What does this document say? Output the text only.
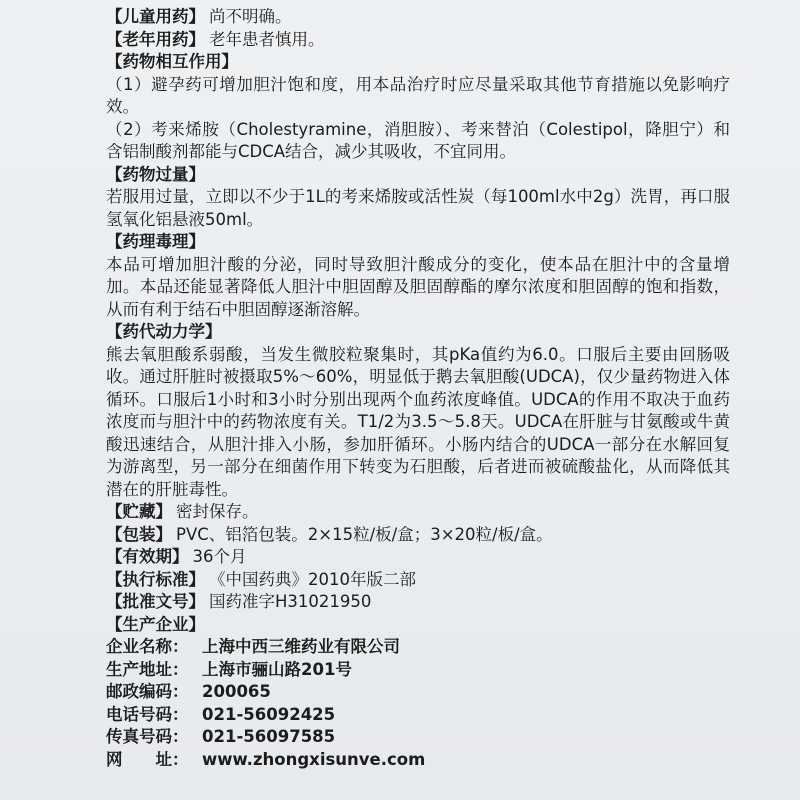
【儿童用药】 尚不明确。
【老年用药】 老年患者慎用。
【药物相互作用】
（1）避孕药可增加胆汁饱和度，用本品治疗时应尽量采取其他节育措施以免影响疗效。
（2）考来烯胺（Cholestyramine，消胆胺）、考来替泊（Colestipol，降胆宁）和含铝制酸剂都能与CDCA结合，减少其吸收，不宜同用。
【药物过量】
若服用过量，立即以不少于1L的考来烯胺或活性炭（每100ml水中2g）洗胃，再口服氢氧化铝悬液50ml。
【药理毒理】
本品可增加胆汁酸的分泌，同时导致胆汁酸成分的变化，使本品在胆汁中的含量增加。本品还能显著降低人胆汁中胆固醇及胆固醇酯的摩尔浓度和胆固醇的饱和指数，从而有利于结石中胆固醇逐渐溶解。
【药代动力学】
熊去氧胆酸系弱酸，当发生微胶粒聚集时，其pKa值约为6.0。口服后主要由回肠吸收。通过肝脏时被摄取5%～60%，明显低于鹅去氧胆酸(UDCA)，仅少量药物进入体循环。口服后1小时和3小时分别出现两个血药浓度峰值。UDCA的作用不取决于血药浓度而与胆汁中的药物浓度有关。T1/2为3.5～5.8天。UDCA在肝脏与甘氨酸或牛黄酸迅速结合，从胆汁排入小肠，参加肝循环。小肠内结合的UDCA一部分在水解回复为游离型，另一部分在细菌作用下转变为石胆酸，后者进而被硫酸盐化，从而降低其潜在的肝脏毒性。
【贮藏】 密封保存。
【包装】 PVC、铝箔包装。2×15粒/板/盒；3×20粒/板/盒。
【有效期】 36个月
【执行标准】 《中国药典》2010年版二部
【批准文号】 国药准字H31021950
【生产企业】
企业名称： 上海中西三维药业有限公司
生产地址： 上海市骊山路201号
邮政编码： 200065
电话号码： 021-56092425
传真号码： 021-56097585
网　　址： www.zhongxisunve.com
